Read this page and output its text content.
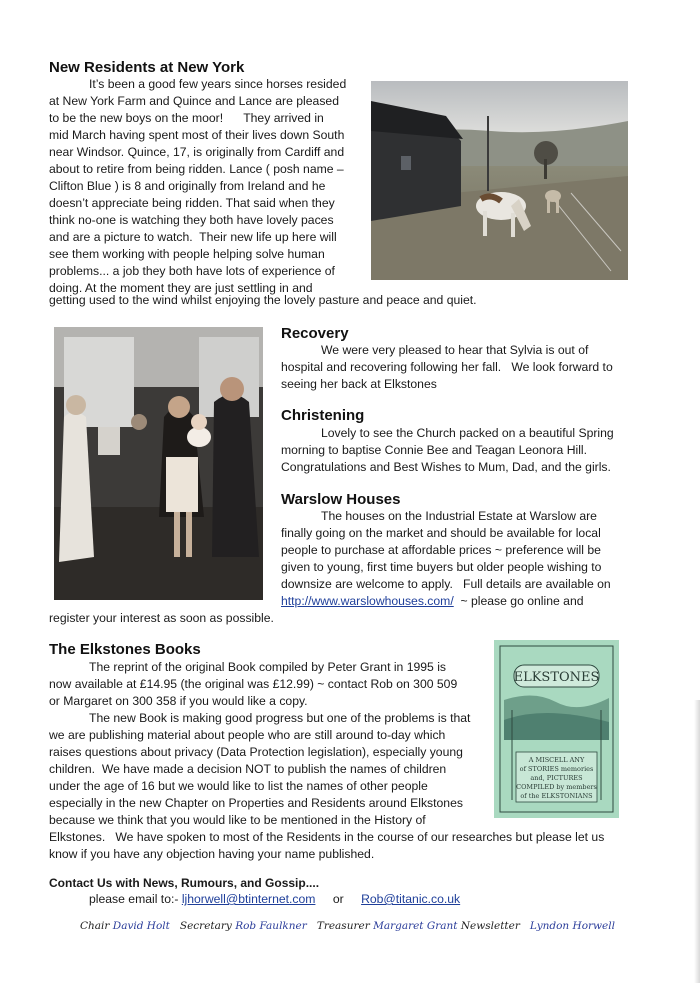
New Residents at New York
It’s been a good few years since horses resided
at New York Farm and Quince and Lance are pleased
to be the new boys on the moor!      They arrived in
mid March having spent most of their lives down South
near Windsor. Quince, 17, is originally from Cardiff and
about to retire from being ridden. Lance ( posh name –
Clifton Blue ) is 8 and originally from Ireland and he
doesn’t appreciate being ridden. That said when they
think no-one is watching they both have lovely paces
and are a picture to watch.  Their new life up here will
see them working with people helping solve human
problems... a job they both have lots of experience of
doing. At the moment they are just settling in and
getting used to the wind whilst enjoying the lovely pasture and peace and quiet.
Recovery
We were very pleased to hear that Sylvia is out of
hospital and recovering following her fall.   We look forward to
seeing her back at Elkstones
Christening
Lovely to see the Church packed on a beautiful Spring
morning to baptise Connie Bee and Teagan Leonora Hill.
Congratulations and Best Wishes to Mum, Dad, and the girls.
Warslow Houses
The houses on the Industrial Estate at Warslow are
finally going on the market and should be available for local
people to purchase at affordable prices ~ preference will be
given to young, first time buyers but older people wishing to
downsize are welcome to apply.   Full details are available on
http://www.warslowhouses.com/  ~ please go online and
register your interest as soon as possible.
The Elkstones Books
The reprint of the original Book compiled by Peter Grant in 1995 is
now available at £14.95 (the original was £12.99) ~ contact Rob on 300 509
or Margaret on 300 358 if you would like a copy.
The new Book is making good progress but one of the problems is that
we are publishing material about people who are still around to-day which
raises questions about privacy (Data Protection legislation), especially young
children.  We have made a decision NOT to publish the names of children
under the age of 16 but we would like to list the names of other people
especially in the new Chapter on Properties and Residents around Elkstones
because we think that you would like to be mentioned in the History of
Elkstones.   We have spoken to most of the Residents in the course of our researches but please let us
know if you have any objection having your name published.
ELKSTONES
A MISCELL ANY
of STORIES memories
and, PICTURES
COMPILED by members
of the ELKSTONIANS
Contact Us with News, Rumours, and Gossip....
please email to:- ljhorwell@btinternet.com or Rob@titanic.co.uk
Chair David Holt Secretary Rob Faulkner Treasurer Margaret Grant Newsletter Lyndon Horwell
